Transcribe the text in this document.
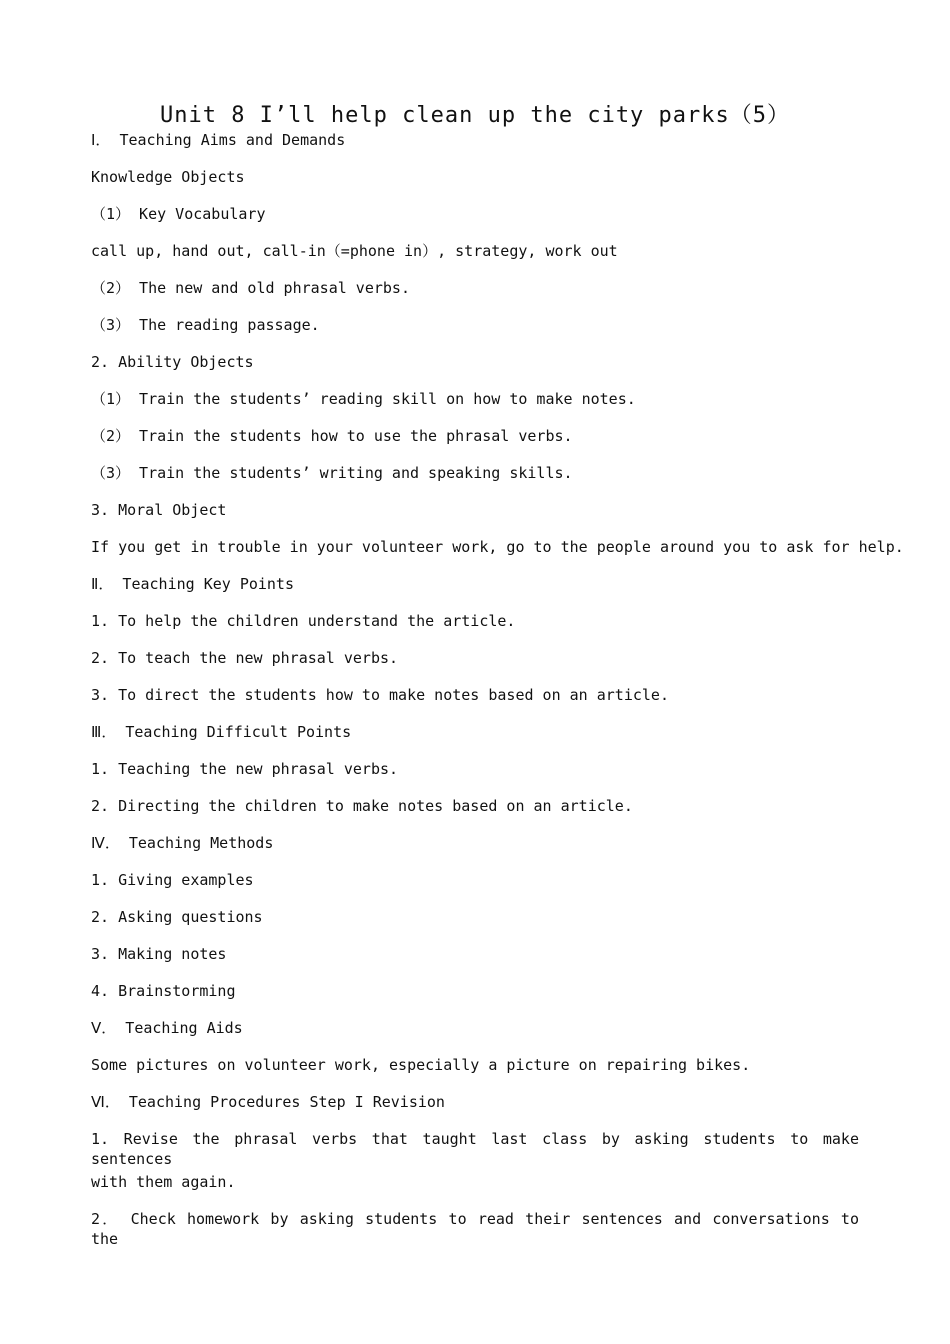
Unit 8 I’ll help clean up the city parks（5）
Ⅰ． Teaching Aims and Demands
Knowledge Objects
（1） Key Vocabulary
call up, hand out, call-in（=phone in）, strategy, work out
（2） The new and old phrasal verbs.
（3） The reading passage.
2. Ability Objects
（1） Train the students’ reading skill on how to make notes.
（2） Train the students how to use the phrasal verbs.
（3） Train the students’ writing and speaking skills.
3. Moral Object
If you get in trouble in your volunteer work, go to the people around you to ask for help.
Ⅱ． Teaching Key Points
1. To help the children understand the article.
2. To teach the new phrasal verbs.
3. To direct the students how to make notes based on an article.
Ⅲ． Teaching Difficult Points
1. Teaching the new phrasal verbs.
2. Directing the children to make notes based on an article.
Ⅳ． Teaching Methods
1. Giving examples
2. Asking questions
3. Making notes
4. Brainstorming
Ⅴ． Teaching Aids
Some pictures on volunteer work, especially a picture on repairing bikes.
Ⅵ． Teaching Procedures Step I Revision
1. Revise the phrasal verbs that taught last class by asking students to make sentences
with them again.
2． Check homework by asking students to read their sentences and conversations to the
